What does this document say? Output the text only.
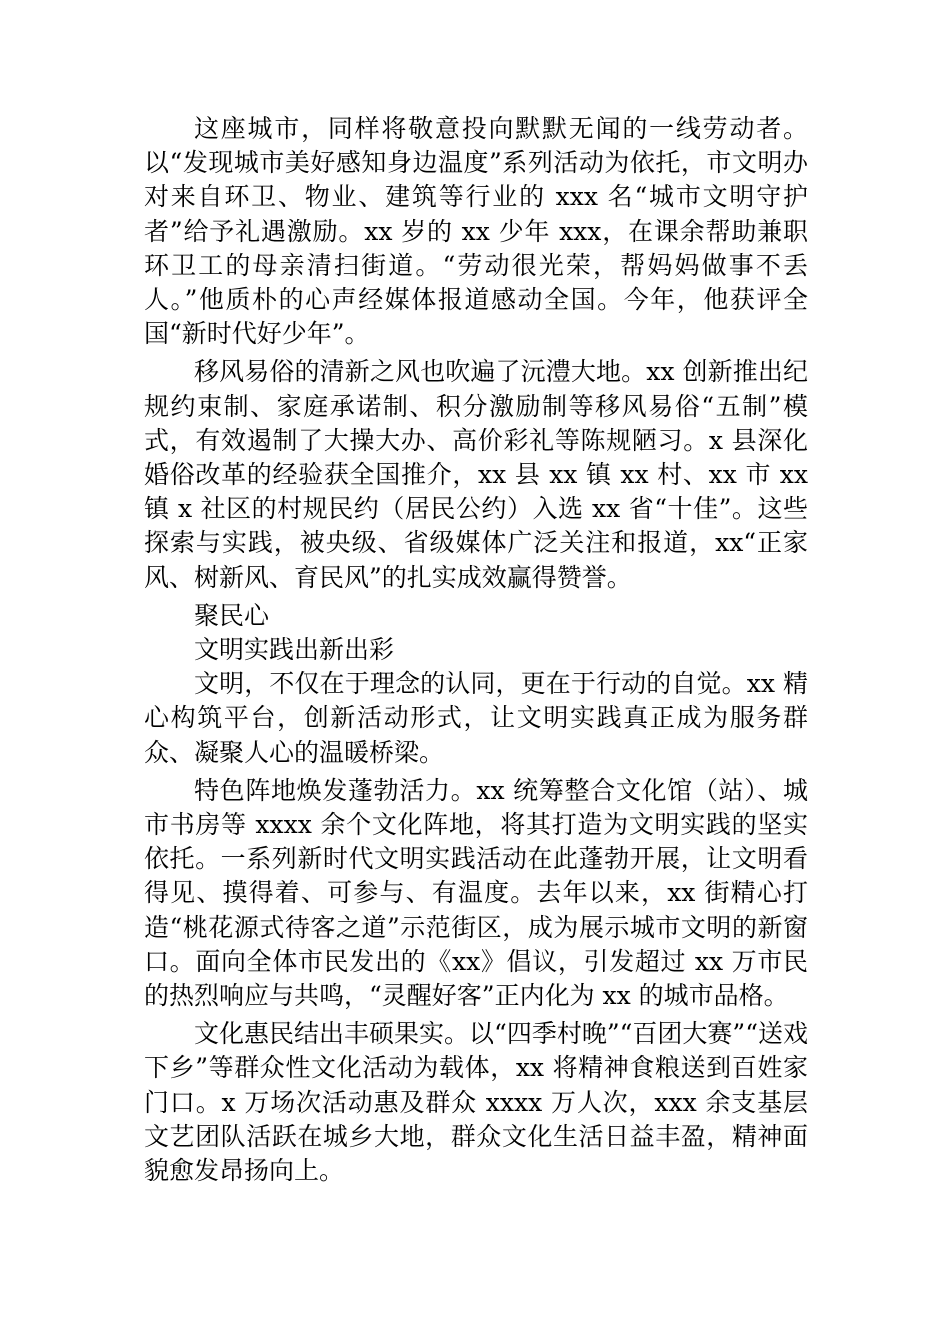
这座城市，同样将敬意投向默默无闻的一线劳动者。以“发现城市美好感知身边温度”系列活动为依托，市文明办对来自环卫、物业、建筑等行业的 xxx 名“城市文明守护者”给予礼遇激励。xx 岁的 xx 少年 xxx，在课余帮助兼职环卫工的母亲清扫街道。“劳动很光荣，帮妈妈做事不丢人。”他质朴的心声经媒体报道感动全国。今年，他获评全国“新时代好少年”。

移风易俗的清新之风也吹遍了沅澧大地。xx 创新推出纪规约束制、家庭承诺制、积分激励制等移风易俗“五制”模式，有效遏制了大操大办、高价彩礼等陈规陋习。x 县深化婚俗改革的经验获全国推介，xx 县 xx 镇 xx 村、xx 市 xx 镇 x 社区的村规民约（居民公约）入选 xx 省“十佳”。这些探索与实践，被央级、省级媒体广泛关注和报道，xx“正家风、树新风、育民风”的扎实成效赢得赞誉。

聚民心

文明实践出新出彩

文明，不仅在于理念的认同，更在于行动的自觉。xx 精心构筑平台，创新活动形式，让文明实践真正成为服务群众、凝聚人心的温暖桥梁。

特色阵地焕发蓬勃活力。xx 统筹整合文化馆（站）、城市书房等 xxxx 余个文化阵地，将其打造为文明实践的坚实依托。一系列新时代文明实践活动在此蓬勃开展，让文明看得见、摸得着、可参与、有温度。去年以来，xx 街精心打造“桃花源式待客之道”示范街区，成为展示城市文明的新窗口。面向全体市民发出的《xx》倡议，引发超过 xx 万市民的热烈响应与共鸣，“灵醒好客”正内化为 xx 的城市品格。

文化惠民结出丰硕果实。以“四季村晚”“百团大赛”“送戏下乡”等群众性文化活动为载体，xx 将精神食粮送到百姓家门口。x 万场次活动惠及群众 xxxx 万人次，xxx 余支基层文艺团队活跃在城乡大地，群众文化生活日益丰盈，精神面貌愈发昂扬向上。
